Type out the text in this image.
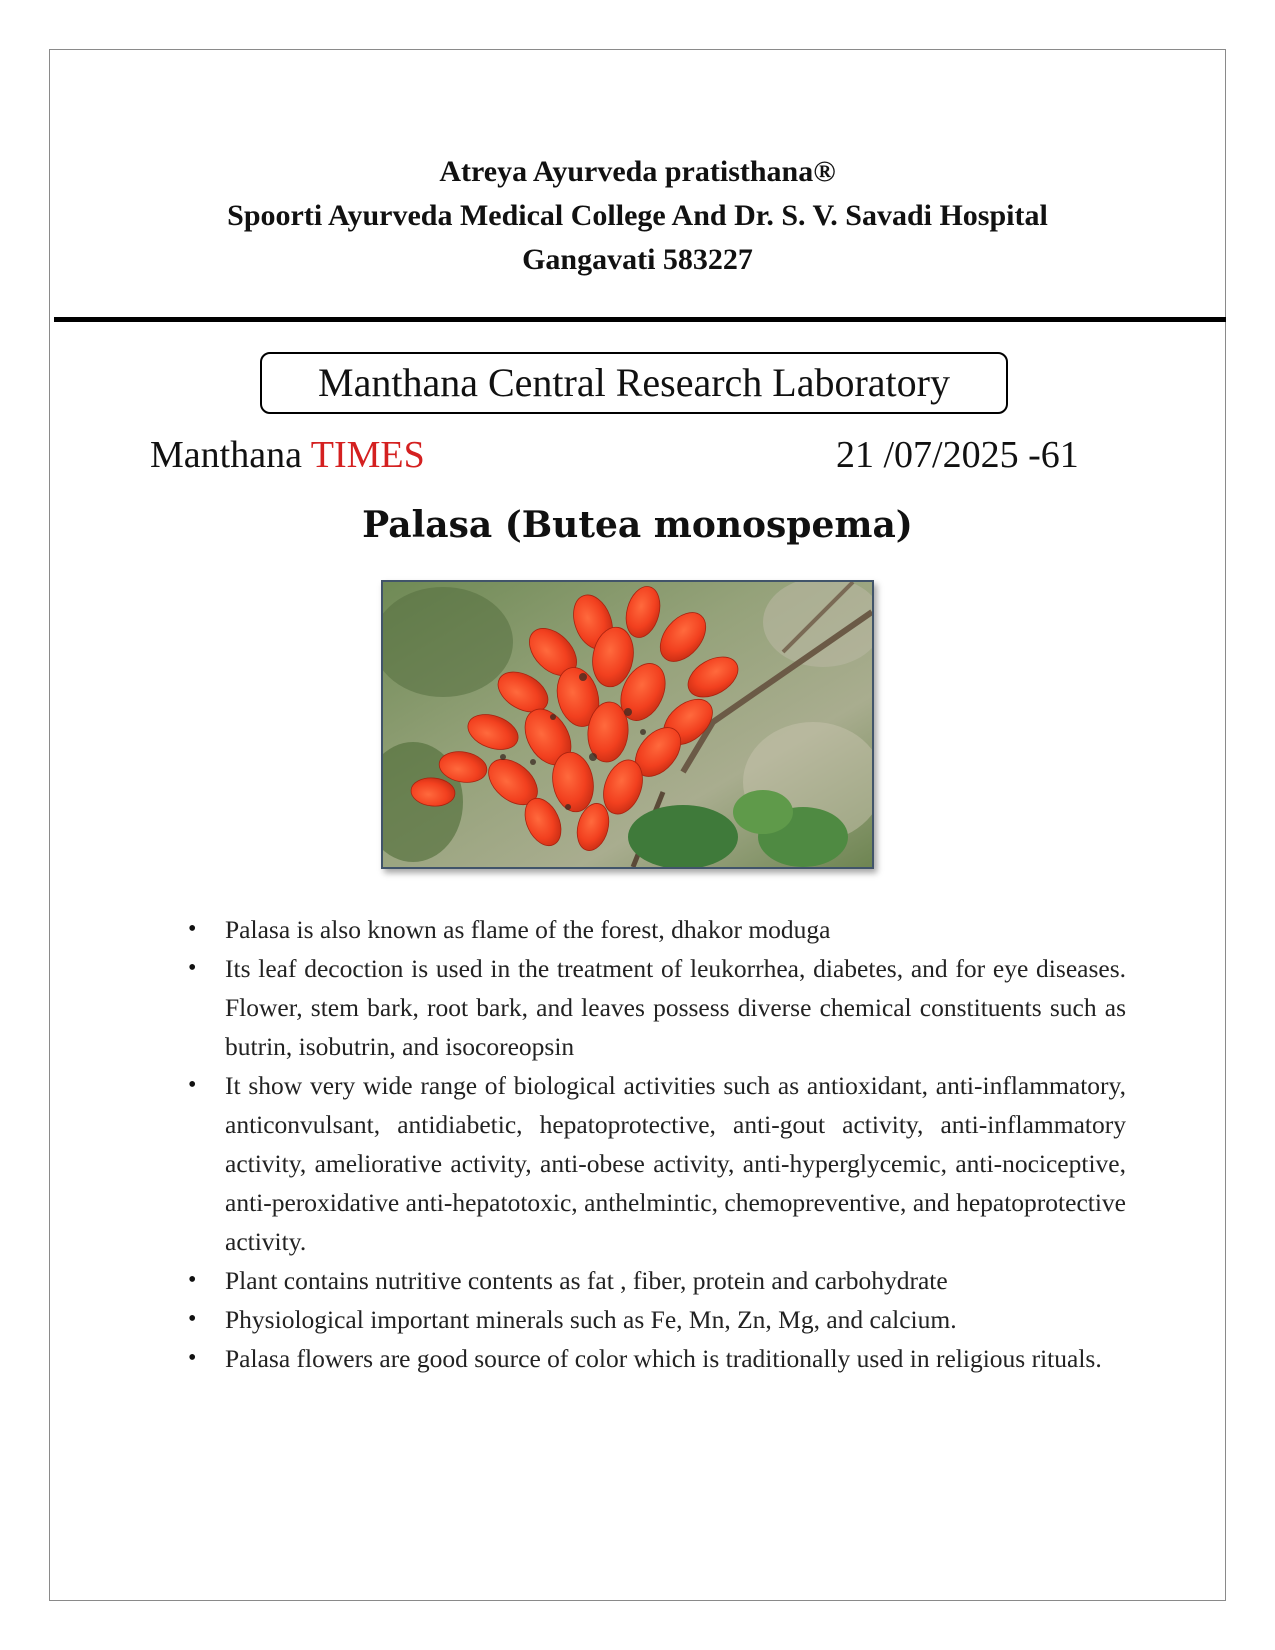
Atreya Ayurveda pratisthana®
Spoorti Ayurveda Medical College And Dr. S. V. Savadi Hospital
Gangavati 583227
Manthana Central Research Laboratory
Manthana TIMES	21 /07/2025 -61
Palasa (Butea monospema)
• Palasa is also known as flame of the forest, dhakor moduga
• Its leaf decoction is used in the treatment of leukorrhea, diabetes, and for eye diseases. Flower, stem bark, root bark, and leaves possess diverse chemical constituents such as butrin, isobutrin, and isocoreopsin
• It show very wide range of biological activities such as antioxidant, anti-inflammatory, anticonvulsant, antidiabetic, hepatoprotective, anti-gout activity, anti-inflammatory activity, ameliorative activity, anti-obese activity, anti-hyperglycemic, anti-nociceptive, anti-peroxidative anti-hepatotoxic, anthelmintic, chemopreventive, and hepatoprotective activity.
• Plant contains nutritive contents as fat , fiber, protein and carbohydrate
• Physiological important minerals such as Fe, Mn, Zn, Mg, and calcium.
• Palasa flowers are good source of color which is traditionally used in religious rituals.
